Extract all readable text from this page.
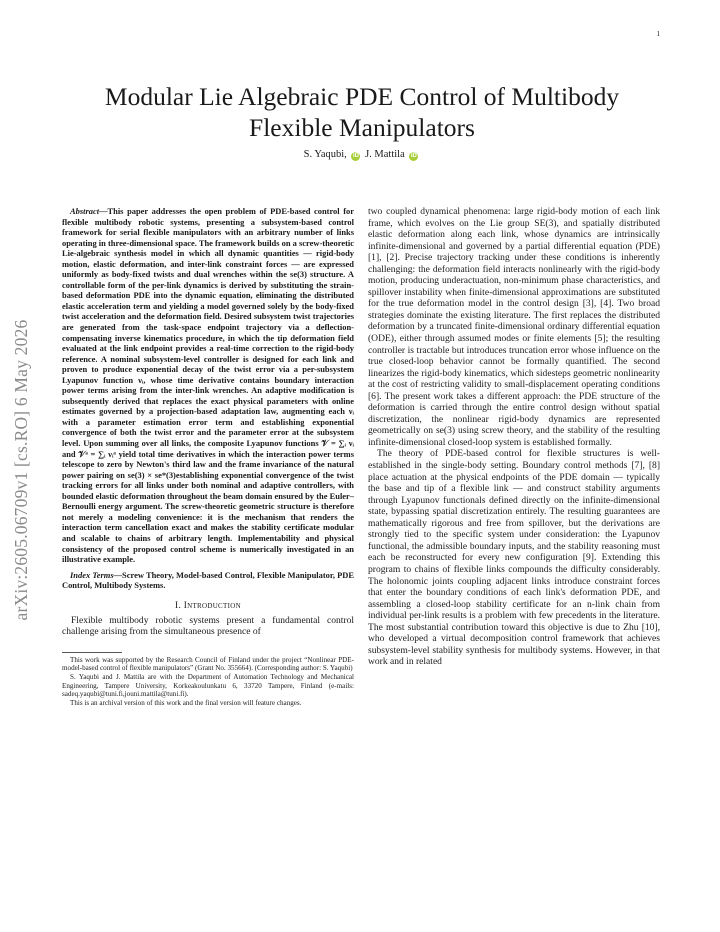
1
arXiv:2605.06709v1 [cs.RO] 6 May 2026
Modular Lie Algebraic PDE Control of Multibody Flexible Manipulators
S. Yaqubi, iD J. Mattila iD

Abstract—This paper addresses the open problem of PDE-based control for flexible multibody robotic systems, presenting a subsystem-based control framework for serial flexible manipulators with an arbitrary number of links operating in three-dimensional space. The framework builds on a screw-theoretic Lie-algebraic synthesis model in which all dynamic quantities — rigid-body motion, elastic deformation, and inter-link constraint forces — are expressed uniformly as body-fixed twists and dual wrenches within the se(3) structure. A controllable form of the per-link dynamics is derived by substituting the strain-based deformation PDE into the dynamic equation, eliminating the distributed elastic acceleration term and yielding a model governed solely by the body-fixed twist acceleration and the deformation field. Desired subsystem twist trajectories are generated from the task-space endpoint trajectory via a deflection-compensating inverse kinematics procedure, in which the tip deformation field evaluated at the link endpoint provides a real-time correction to the rigid-body reference. A nominal subsystem-level controller is designed for each link and proven to produce exponential decay of the twist error via a per-subsystem Lyapunov function νᵢ, whose time derivative contains boundary interaction power terms arising from the inter-link wrenches. An adaptive modification is subsequently derived that replaces the exact physical parameters with online estimates governed by a projection-based adaptation law, augmenting each νᵢ with a parameter estimation error term and establishing exponential convergence of both the twist error and the parameter error at the subsystem level. Upon summing over all links, the composite Lyapunov functions 𝒱 = ∑ᵢ νᵢ and 𝒱ᵃ = ∑ᵢ νᵢᵃ yield total time derivatives in which the interaction power terms telescope to zero by Newton's third law and the frame invariance of the natural power pairing on se(3) × se*(3)establishing exponential convergence of the twist tracking errors for all links under both nominal and adaptive controllers, with bounded elastic deformation throughout the beam domain ensured by the Euler–Bernoulli energy argument. The screw-theoretic geometric structure is therefore not merely a modeling convenience: it is the mechanism that renders the interaction term cancellation exact and makes the stability certificate modular and scalable to chains of arbitrary length. Implementability and physical consistency of the proposed control scheme is numerically investigated in an illustrative example.

Index Terms—Screw Theory, Model-based Control, Flexible Manipulator, PDE Control, Multibody Systems.

I. Introduction

Flexible multibody robotic systems present a fundamental control challenge arising from the simultaneous presence of

This work was supported by the Research Council of Finland under the project “Nonlinear PDE-model-based control of flexible manipulators” (Grant No. 355664). (Corresponding author: S. Yaqubi)

S. Yaqubi and J. Mattila are with the Department of Automation Technology and Mechanical Engineering, Tampere University, Korkeakoulunkatu 6, 33720 Tampere, Finland (e-mails: sadeq.yaqubi@tuni.fi,jouni.mattila@tuni.fi).

This is an archival version of this work and the final version will feature changes.

two coupled dynamical phenomena: large rigid-body motion of each link frame, which evolves on the Lie group SE(3), and spatially distributed elastic deformation along each link, whose dynamics are intrinsically infinite-dimensional and governed by a partial differential equation (PDE) [1], [2]. Precise trajectory tracking under these conditions is inherently challenging: the deformation field interacts nonlinearly with the rigid-body motion, producing underactuation, non-minimum phase characteristics, and spillover instability when finite-dimensional approximations are substituted for the true deformation model in the control design [3], [4]. Two broad strategies dominate the existing literature. The first replaces the distributed deformation by a truncated finite-dimensional ordinary differential equation (ODE), either through assumed modes or finite elements [5]; the resulting controller is tractable but introduces truncation error whose influence on the true closed-loop behavior cannot be formally quantified. The second linearizes the rigid-body kinematics, which sidesteps geometric nonlinearity at the cost of restricting validity to small-displacement operating conditions [6]. The present work takes a different approach: the PDE structure of the deformation is carried through the entire control design without spatial discretization, the nonlinear rigid-body dynamics are represented geometrically on se(3) using screw theory, and the stability of the resulting infinite-dimensional closed-loop system is established formally.

The theory of PDE-based control for flexible structures is well-established in the single-body setting. Boundary control methods [7], [8] place actuation at the physical endpoints of the PDE domain — typically the base and tip of a flexible link — and construct stability arguments through Lyapunov functionals defined directly on the infinite-dimensional state, bypassing spatial discretization entirely. The resulting guarantees are mathematically rigorous and free from spillover, but the derivations are strongly tied to the specific system under consideration: the Lyapunov functional, the admissible boundary inputs, and the stability reasoning must each be reconstructed for every new configuration [9]. Extending this program to chains of flexible links compounds the difficulty considerably. The holonomic joints coupling adjacent links introduce constraint forces that enter the boundary conditions of each link's deformation PDE, and assembling a closed-loop stability certificate for an n-link chain from individual per-link results is a problem with few precedents in the literature. The most substantial contribution toward this objective is due to Zhu [10], who developed a virtual decomposition control framework that achieves subsystem-level stability synthesis for multibody systems. However, in that work and in related
